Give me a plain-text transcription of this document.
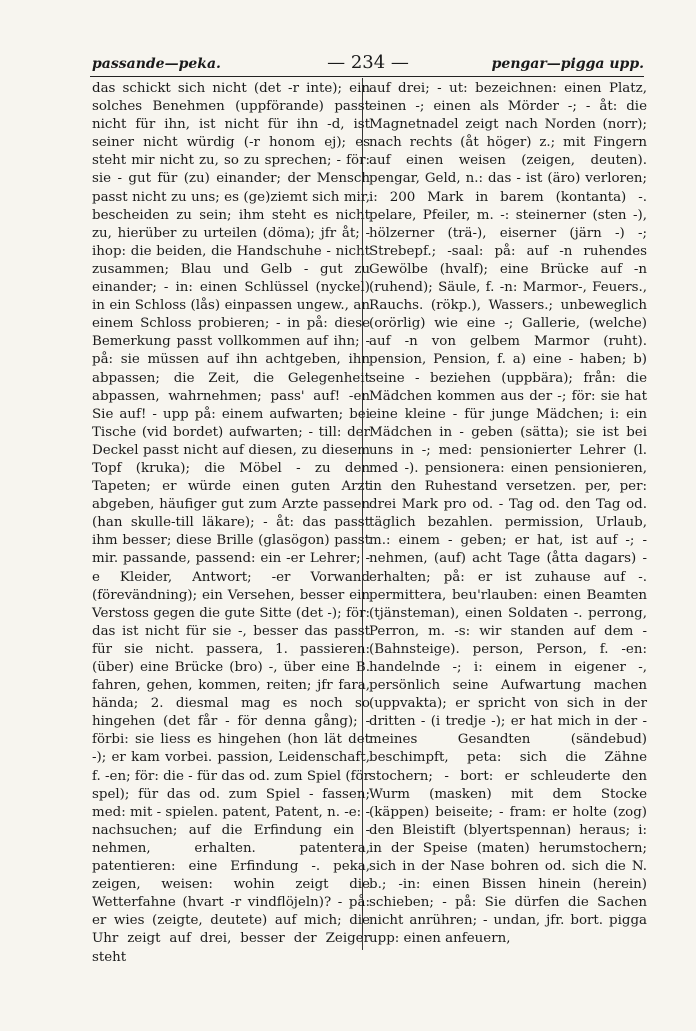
passande—peka.	— 234 —	pengar—pigga upp.
das schickt sich nicht (det -r inte); ein solches Benehmen (uppförande) passt nicht für ihn, ist nicht für ihn -d, ist seiner nicht würdig (-r honom ej); es steht mir nicht zu, so zu sprechen; - för: sie - gut für (zu) einander; der Mensch passt nicht zu uns; es (ge)ziemt sich mir, bescheiden zu sein; ihm steht es nicht zu, hierüber zu urteilen (döma); jfr åt; - ihop: die beiden, die Handschuhe - nicht zusammen; Blau und Gelb - gut zu einander; - in: einen Schlüssel (nyckel) in ein Schloss (lås) einpassen ungew., an einem Schloss probieren; - in på: diese Bemerkung passt vollkommen auf ihn; - på: sie müssen auf ihn achtgeben, ihn abpassen; die Zeit, die Gelegenheit abpassen, wahrnehmen; pass' auf! -en Sie auf! - upp på: einem aufwarten; bei Tische (vid bordet) aufwarten; - till: der Deckel passt nicht auf diesen, zu diesem Topf (kruka); die Möbel - zu den Tapeten; er würde einen guten Arzt abgeben, häufiger gut zum Arzte passen (han skulle-till läkare); - åt: das passt ihm besser; diese Brille (glasögon) passt mir. passande, passend: ein -er Lehrer; -e Kleider, Antwort; -er Vorwand (förevändning); ein Versehen, besser ein Verstoss gegen die gute Sitte (det -); för: das ist nicht für sie -, besser das passt für sie nicht. passera, 1. passieren: (über) eine Brücke (bro) -, über eine B. fahren, gehen, kommen, reiten; jfr fara, hända; 2. diesmal mag es noch so hingehen (det får - för denna gång); - förbi: sie liess es hingehen (hon lät det -); er kam vorbei. passion, Leidenschaft, f. -en; för: die - für das od. zum Spiel (för spel); für das od. zum Spiel - fassen; med: mit - spielen. patent, Patent, n. -e: -nachsuchen; auf die Erfindung ein -nehmen, erhalten. patentera, patentieren: eine Erfindung -. peka, zeigen, weisen: wohin zeigt die Wetterfahne (hvart -r vindflöjeln)? - på: er wies (zeigte, deutete) auf mich; die Uhr zeigt auf drei, besser der Zeiger steht
auf drei; - ut: bezeichnen: einen Platz, einen -; einen als Mörder -; - åt: die Magnetnadel zeigt nach Norden (norr); nach rechts (åt höger) z.; mit Fingern auf einen weisen (zeigen, deuten). pengar, Geld, n.: das - ist (äro) verloren; i: 200 Mark in barem (kontanta) -. pelare, Pfeiler, m. -: steinerner (sten -), hölzerner (trä-), eiserner (järn -) -; Strebepf.; -saal: på: auf -n ruhendes Gewölbe (hvalf); eine Brücke auf -n (ruhend); Säule, f. -n: Marmor-, Feuers., Rauchs. (rökp.), Wassers.; unbeweglich (orörlig) wie eine -; Gallerie, (welche) auf -n von gelbem Marmor (ruht). pension, Pension, f. a) eine - haben; b) seine - beziehen (uppbära); från: die Mädchen kommen aus der -; för: sie hat eine kleine - für junge Mädchen; i: ein Mädchen in - geben (sätta); sie ist bei uns in -; med: pensionierter Lehrer (l. med -). pensionera: einen pensionieren, in den Ruhestand versetzen. per, per: drei Mark pro od. - Tag od. den Tag od. täglich bezahlen. permission, Urlaub, m.: einem - geben; er hat, ist auf -; - nehmen, (auf) acht Tage (åtta dagars) - erhalten; på: er ist zuhause auf -. permittera, beu'rlauben: einen Beamten (tjänsteman), einen Soldaten -. perrong, Perron, m. -s: wir standen auf dem -(Bahnsteige). person, Person, f. -en: handelnde -; i: einem in eigener -, persönlich seine Aufwartung machen (uppvakta); er spricht von sich in der dritten - (i tredje -); er hat mich in der - meines Gesandten (sändebud) beschimpft, peta: sich die Zähne stochern; - bort: er schleuderte den Wurm (masken) mit dem Stocke (käppen) beiseite; - fram: er holte (zog) den Bleistift (blyertspennan) heraus; i: in der Speise (maten) herumstochern; sich in der Nase bohren od. sich die N. b.; -in: einen Bissen hinein (herein) schieben; - på: Sie dürfen die Sachen nicht anrühren; - undan, jfr. bort. pigga upp: einen anfeuern,
